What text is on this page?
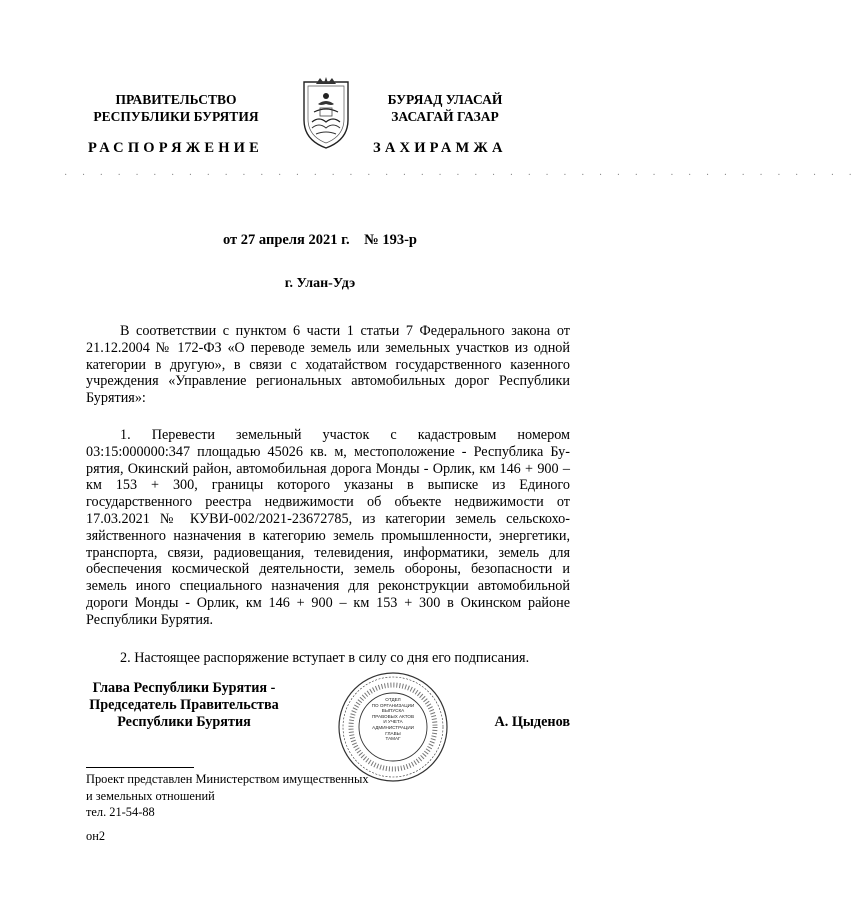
ПРАВИТЕЛЬСТВО
РЕСПУБЛИКИ БУРЯТИЯ
БУРЯАД УЛАСАЙ
ЗАСАГАЙ ГАЗАР
РАСПОРЯЖЕНИЕ	ЗАХИРАМЖА
· · · · · · · · · · · · · · · · · · · · · · · · · · · · · · · · · · · · · · · · · · · · ·
от 27 апреля 2021 г.    № 193-р
г. Улан-Удэ
В соответствии с пунктом 6 части 1 статьи 7 Федерального закона от 21.12.2004 № 172-ФЗ «О переводе земель или земельных участков из одной категории в другую», в связи с ходатайством государственного казенного учреждения «Управление региональных автомобильных дорог Республики Бурятия»:
1. Перевести земельный участок с кадастровым номером 03:15:000000:347 площадью 45026 кв. м, местоположение - Республика Бурятия, Окинский район, автомобильная дорога Монды - Орлик, км 146 + 900 – км 153 + 300, границы которого указаны в выписке из Единого государственного реестра недвижимости об объекте недвижимости от 17.03.2021 № КУВИ-002/2021-23672785, из категории земель сельскохозяйственного назначения в категорию земель промышленности, энергетики, транспорта, связи, радиовещания, телевидения, информатики, земель для обеспечения космической деятельности, земель обороны, безопасности и земель иного специального назначения для реконструкции автомобильной дороги Монды - Орлик, км 146 + 900 – км 153 + 300 в Окинском районе Республики Бурятия.
2. Настоящее распоряжение вступает в силу со дня его подписания.
Глава Республики Бурятия -
Председатель Правительства
Республики Бурятия
ОТДЕЛ
ПО ОРГАНИЗАЦИИ
ВЫПУСКА
ПРАВОВЫХ АКТОВ
И УЧЕТА
АДМИНИСТРАЦИИ
ГЛАВЫ
ТАМАГ
А. Цыденов
Проект представлен Министерством имущественных
и земельных отношений
тел. 21-54-88
он2
